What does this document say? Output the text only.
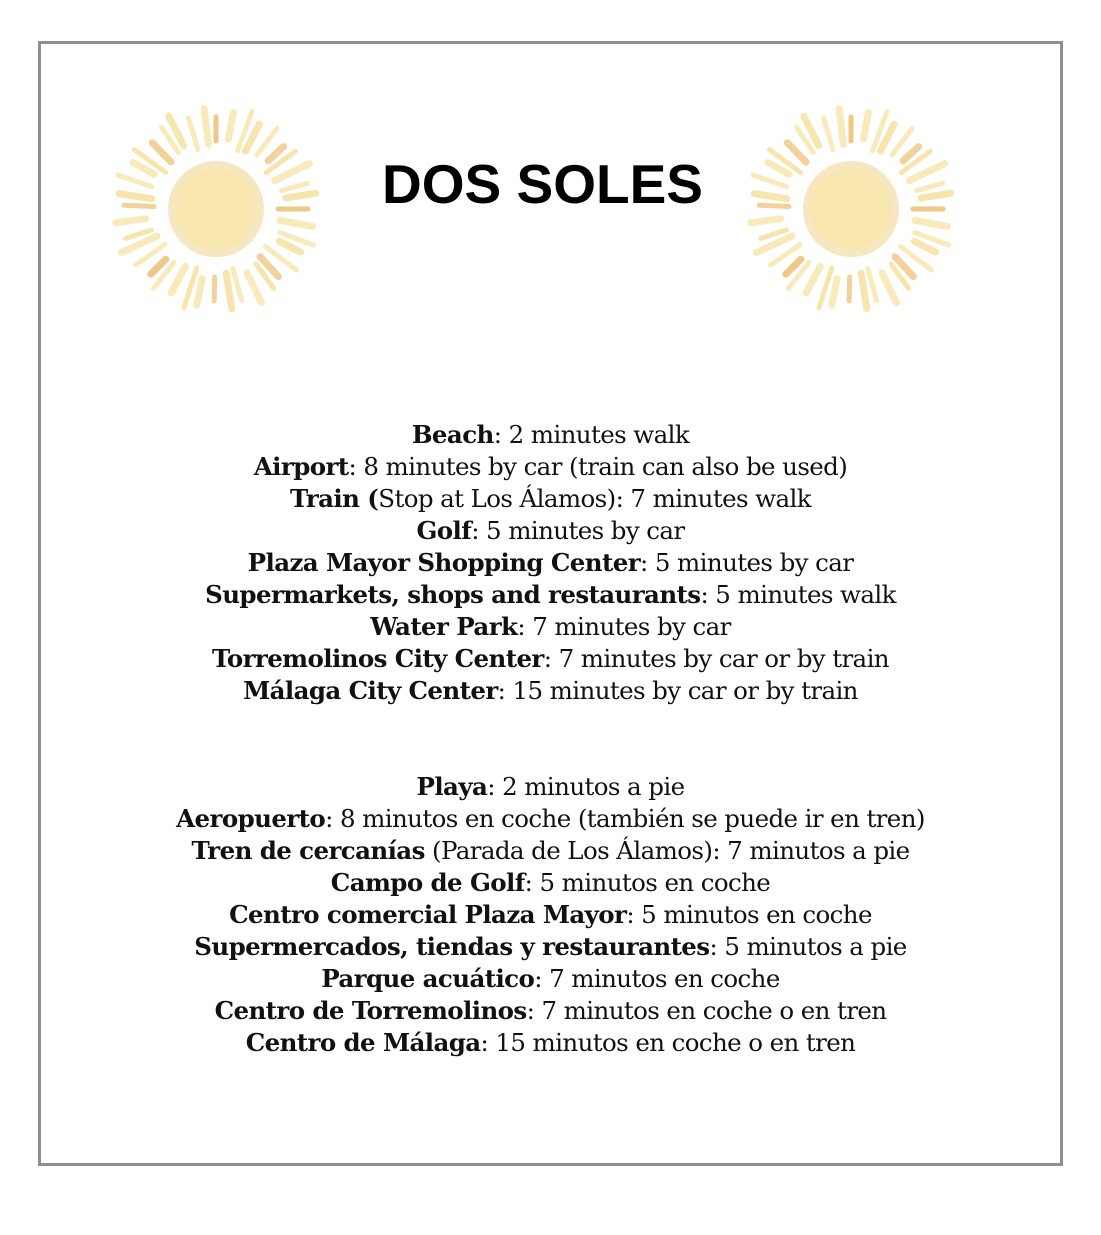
DOS SOLES
Beach: 2 minutes walk
Airport: 8 minutes by car (train can also be used)
Train (Stop at Los Álamos): 7 minutes walk
Golf: 5 minutes by car
Plaza Mayor Shopping Center: 5 minutes by car
Supermarkets, shops and restaurants: 5 minutes walk
Water Park: 7 minutes by car
Torremolinos City Center: 7 minutes by car or by train
Málaga City Center: 15 minutes by car or by train
Playa: 2 minutos a pie
Aeropuerto: 8 minutos en coche (también se puede ir en tren)
Tren de cercanías (Parada de Los Álamos): 7 minutos a pie
Campo de Golf: 5 minutos en coche
Centro comercial Plaza Mayor: 5 minutos en coche
Supermercados, tiendas y restaurantes: 5 minutos a pie
Parque acuático: 7 minutos en coche
Centro de Torremolinos: 7 minutos en coche o en tren
Centro de Málaga: 15 minutos en coche o en tren
